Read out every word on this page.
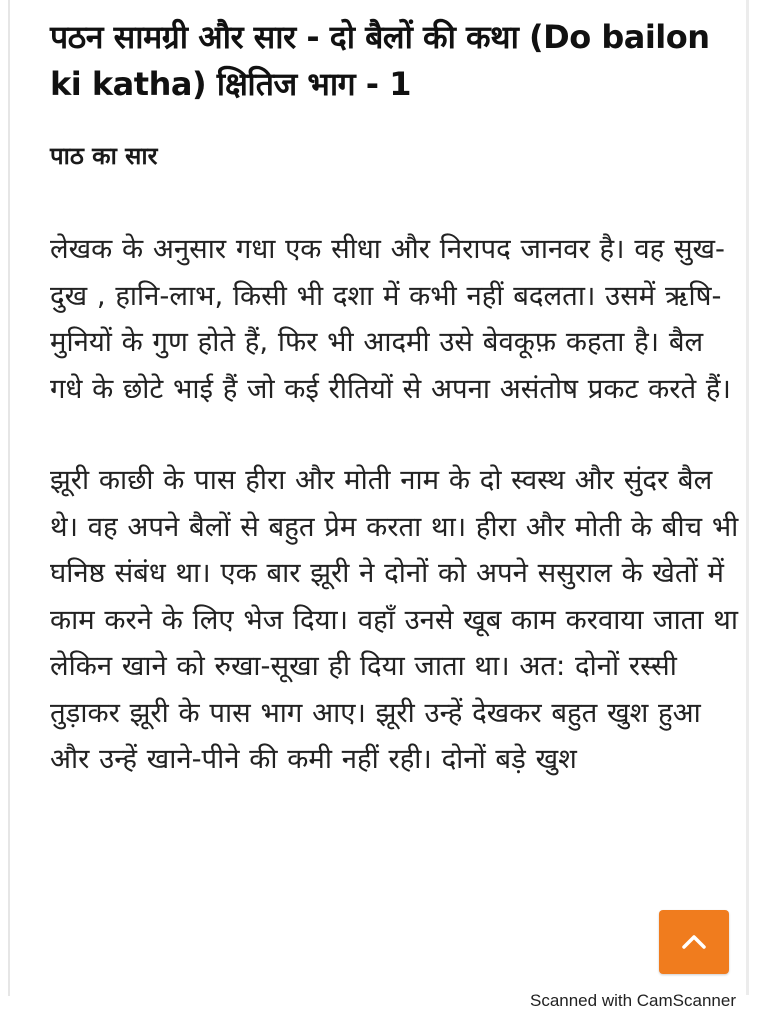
पठन सामग्री और सार - दो बैलों की कथा (Do bailon ki katha) क्षितिज भाग - 1
पाठ का सार

लेखक के अनुसार गधा एक सीधा और निरापद जानवर है। वह सुख-दुख , हानि-लाभ, किसी भी दशा में कभी नहीं बदलता। उसमें ऋषि-मुनियों के गुण होते हैं, फिर भी आदमी उसे बेवकूफ़ कहता है। बैल गधे के छोटे भाई हैं जो कई रीतियों से अपना असंतोष प्रकट करते हैं।

झूरी काछी के पास हीरा और मोती नाम के दो स्वस्थ और सुंदर बैल थे। वह अपने बैलों से बहुत प्रेम करता था। हीरा और मोती के बीच भी घनिष्ठ संबंध था। एक बार झूरी ने दोनों को अपने ससुराल के खेतों में काम करने के लिए भेज दिया। वहाँ उनसे खूब काम करवाया जाता था लेकिन खाने को रुखा-सूखा ही दिया जाता था। अत: दोनों रस्सी तुड़ाकर झूरी के पास भाग आए। झूरी उन्हें देखकर बहुत खुश हुआ और उन्हें खाने-पीने की कमी नहीं रही। दोनों बड़े खुश

Scanned with CamScanner
